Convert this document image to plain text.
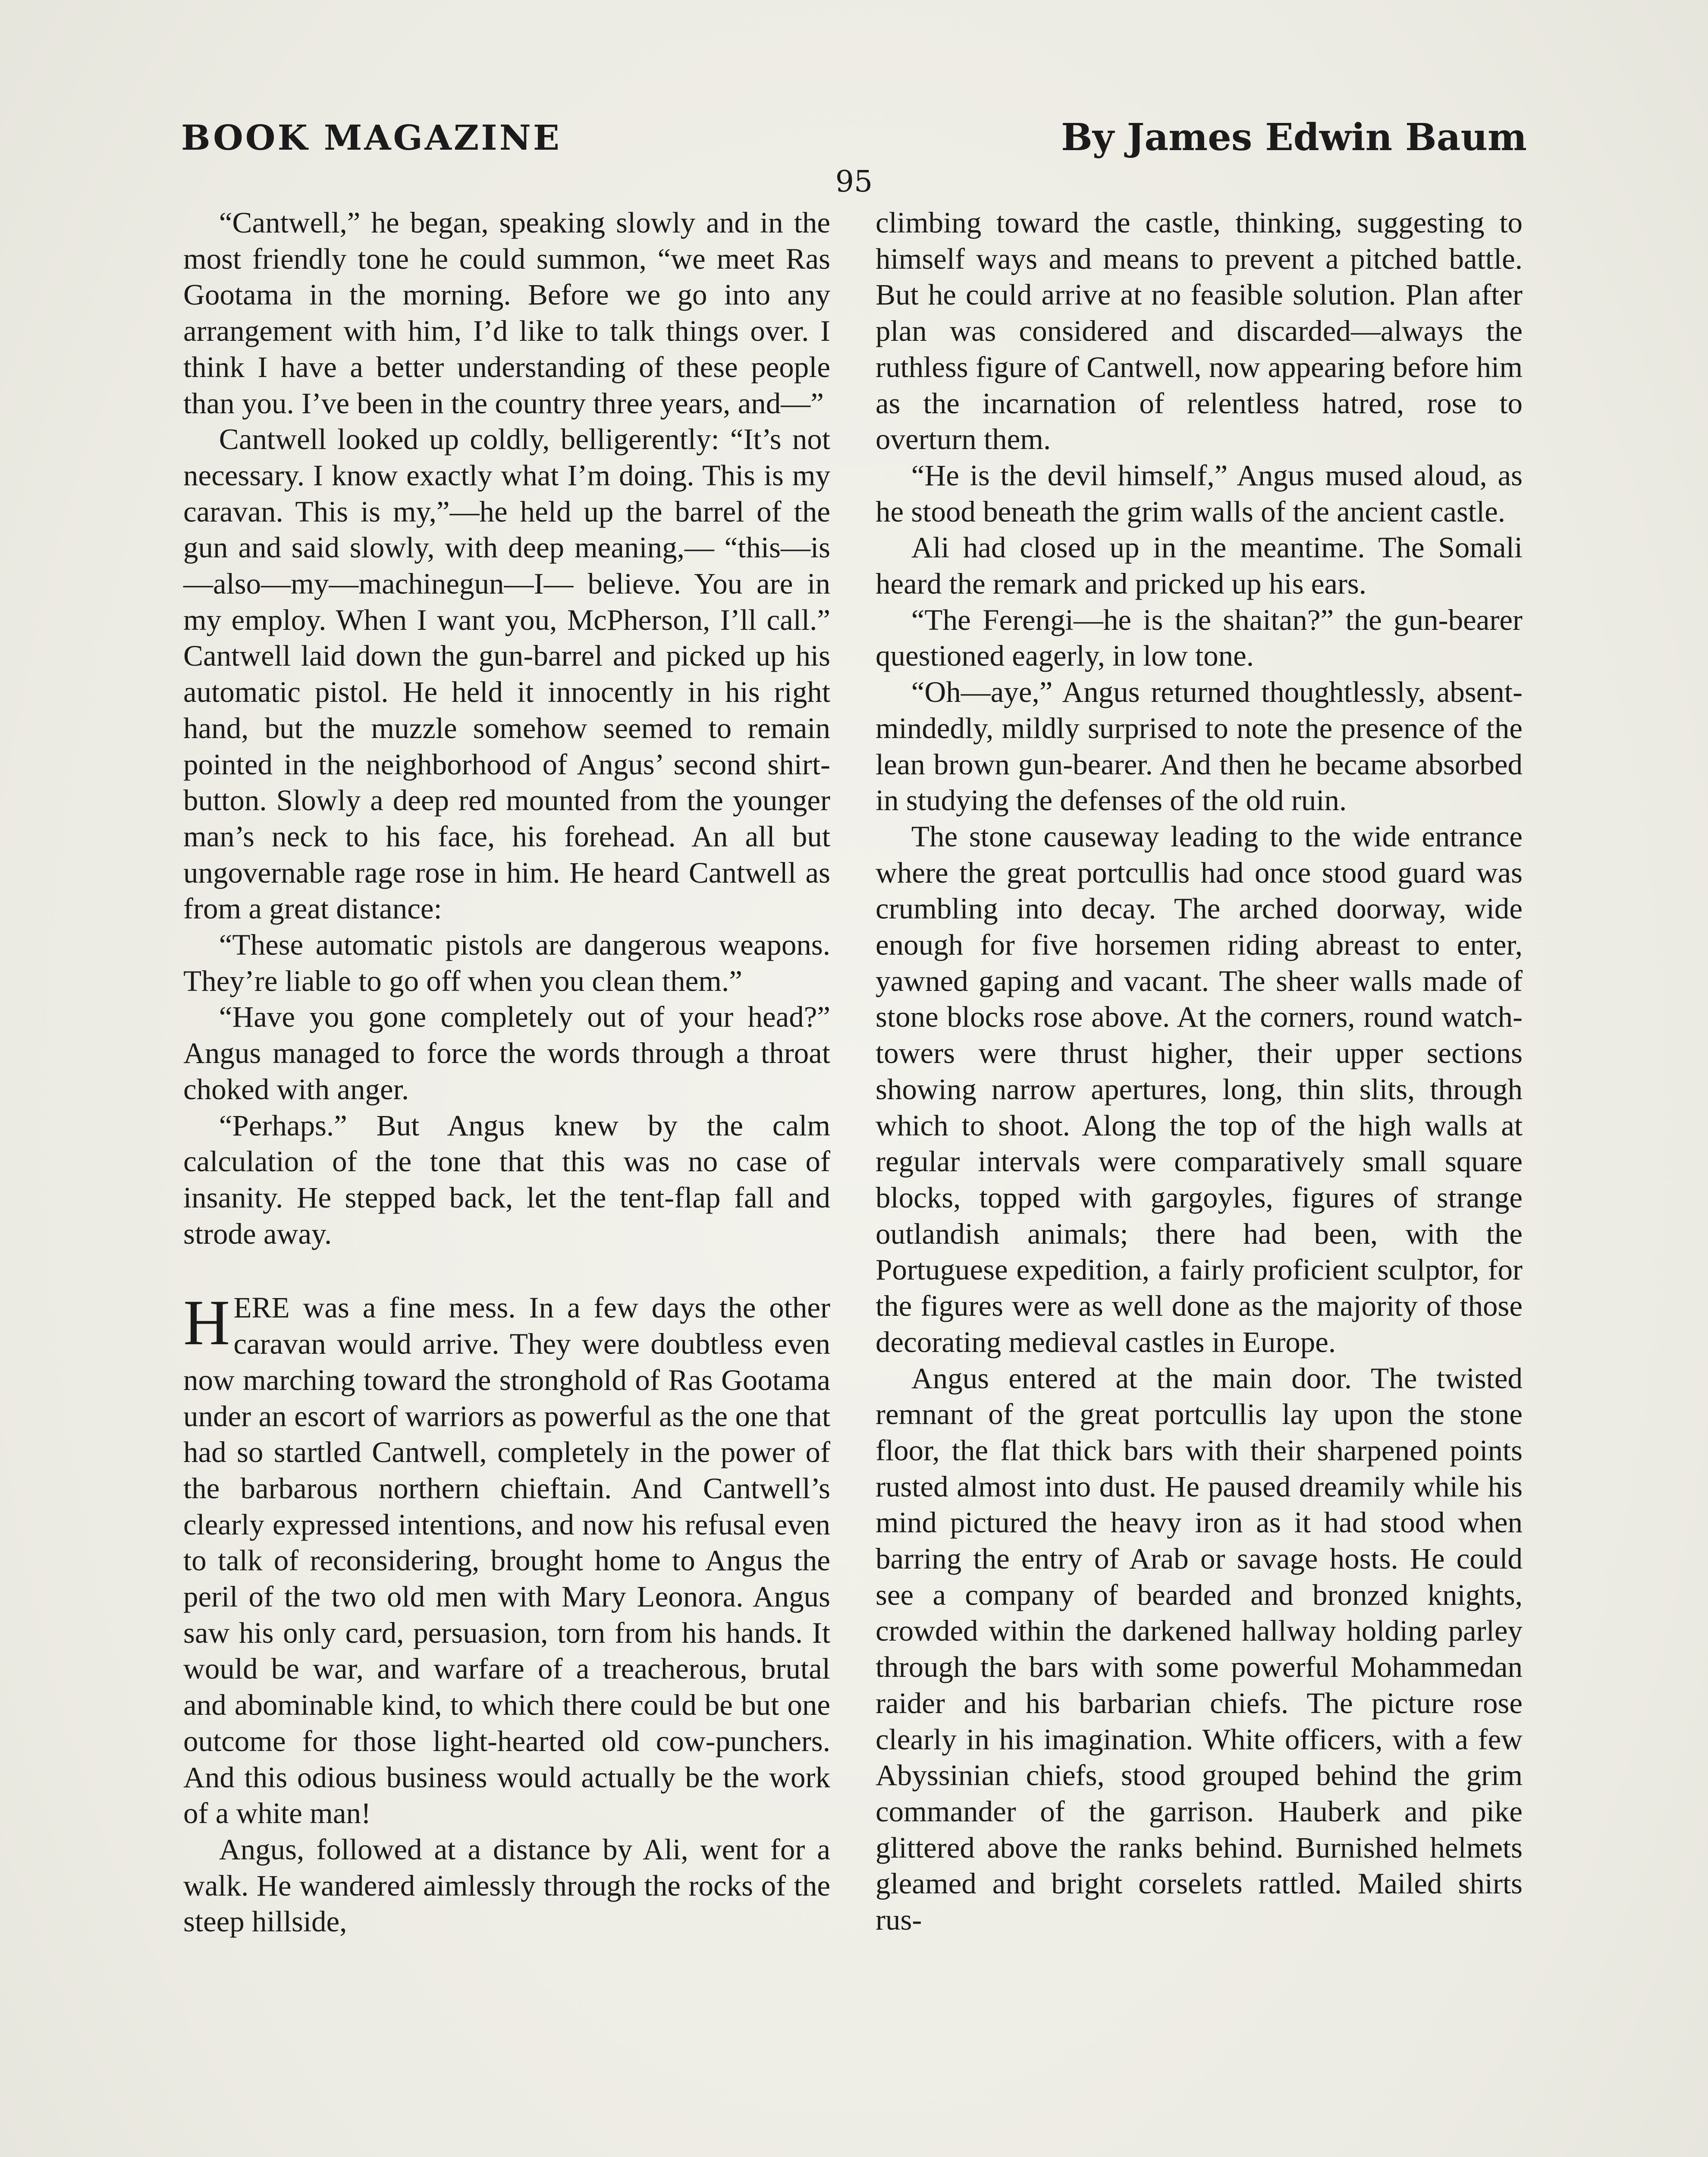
BOOK MAGAZINE	By James Edwin Baum
95

“Cantwell,” he began, speaking slowly and in the most friendly tone he could summon, “we meet Ras Gootama in the morning. Before we go into any arrangement with him, I’d like to talk things over. I think I have a better understanding of these people than you. I’ve been in the country three years, and—”

Cantwell looked up coldly, belligerently: “It’s not necessary. I know exactly what I’m doing. This is my caravan. This is my,”—he held up the barrel of the gun and said slowly, with deep meaning,— “this—is—also—my—machinegun—I— believe. You are in my employ. When I want you, McPherson, I’ll call.” Cantwell laid down the gun-barrel and picked up his automatic pistol. He held it innocently in his right hand, but the muzzle somehow seemed to remain pointed in the neighborhood of Angus’ second shirt-button. Slowly a deep red mounted from the younger man’s neck to his face, his forehead. An all but ungovernable rage rose in him. He heard Cantwell as from a great distance:

“These automatic pistols are dangerous weapons. They’re liable to go off when you clean them.”

“Have you gone completely out of your head?” Angus managed to force the words through a throat choked with anger.

“Perhaps.” But Angus knew by the calm calculation of the tone that this was no case of insanity. He stepped back, let the tent-flap fall and strode away.

HERE was a fine mess. In a few days the other caravan would arrive. They were doubtless even now marching toward the stronghold of Ras Gootama under an escort of warriors as powerful as the one that had so startled Cantwell, completely in the power of the barbarous northern chieftain. And Cantwell’s clearly expressed intentions, and now his refusal even to talk of reconsidering, brought home to Angus the peril of the two old men with Mary Leonora. Angus saw his only card, persuasion, torn from his hands. It would be war, and warfare of a treacherous, brutal and abominable kind, to which there could be but one outcome for those light-hearted old cow-punchers. And this odious business would actually be the work of a white man!

Angus, followed at a distance by Ali, went for a walk. He wandered aimlessly through the rocks of the steep hillside,

climbing toward the castle, thinking, suggesting to himself ways and means to prevent a pitched battle. But he could arrive at no feasible solution. Plan after plan was considered and discarded—always the ruthless figure of Cantwell, now appearing before him as the incarnation of relentless hatred, rose to overturn them.

“He is the devil himself,” Angus mused aloud, as he stood beneath the grim walls of the ancient castle.

Ali had closed up in the meantime. The Somali heard the remark and pricked up his ears.

“The Ferengi—he is the shaitan?” the gun-bearer questioned eagerly, in low tone.

“Oh—aye,” Angus returned thoughtlessly, absent-mindedly, mildly surprised to note the presence of the lean brown gun-bearer. And then he became absorbed in studying the defenses of the old ruin.

The stone causeway leading to the wide entrance where the great portcullis had once stood guard was crumbling into decay. The arched doorway, wide enough for five horsemen riding abreast to enter, yawned gaping and vacant. The sheer walls made of stone blocks rose above. At the corners, round watch-towers were thrust higher, their upper sections showing narrow apertures, long, thin slits, through which to shoot. Along the top of the high walls at regular intervals were comparatively small square blocks, topped with gargoyles, figures of strange outlandish animals; there had been, with the Portuguese expedition, a fairly proficient sculptor, for the figures were as well done as the majority of those decorating medieval castles in Europe.

Angus entered at the main door. The twisted remnant of the great portcullis lay upon the stone floor, the flat thick bars with their sharpened points rusted almost into dust. He paused dreamily while his mind pictured the heavy iron as it had stood when barring the entry of Arab or savage hosts. He could see a company of bearded and bronzed knights, crowded within the darkened hallway holding parley through the bars with some powerful Mohammedan raider and his barbarian chiefs. The picture rose clearly in his imagination. White officers, with a few Abyssinian chiefs, stood grouped behind the grim commander of the garrison. Hauberk and pike glittered above the ranks behind. Burnished helmets gleamed and bright corselets rattled. Mailed shirts rus-
